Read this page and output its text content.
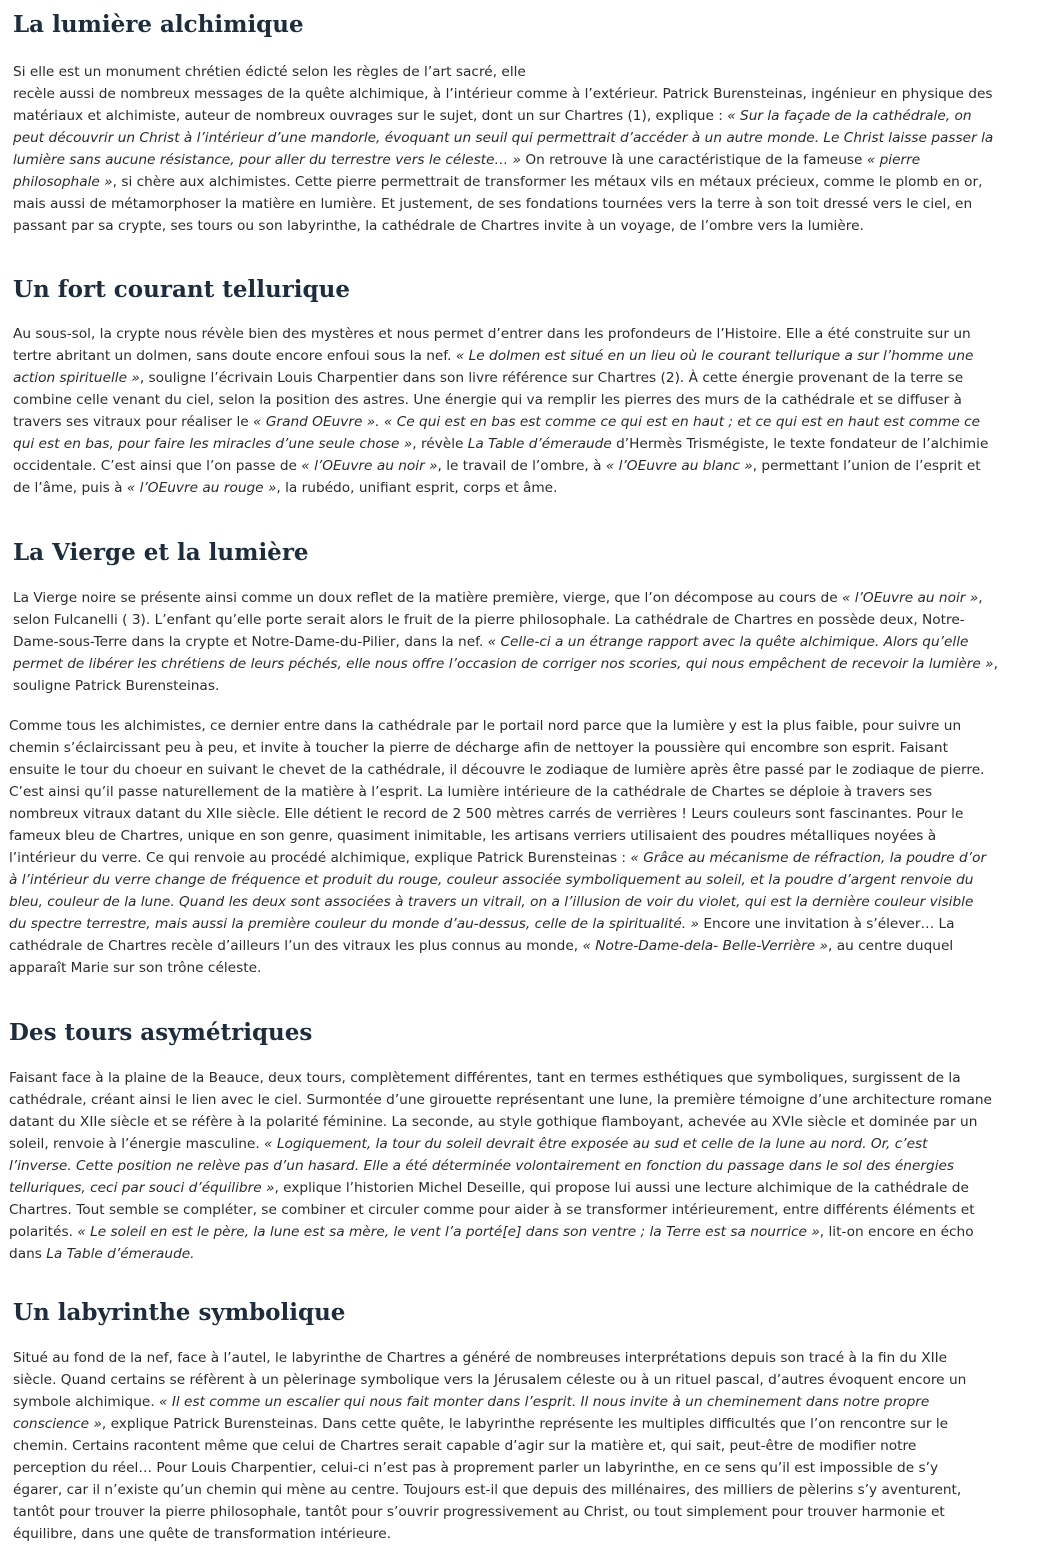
La lumière alchimique

Si elle est un monument chrétien édicté selon les règles de l’art sacré, elle
recèle aussi de nombreux messages de la quête alchimique, à l’intérieur comme à l’extérieur. Patrick Burensteinas, ingénieur en physique des matériaux et alchimiste, auteur de nombreux ouvrages sur le sujet, dont un sur Chartres (1), explique : « Sur la façade de la cathédrale, on peut découvrir un Christ à l’intérieur d’une mandorle, évoquant un seuil qui permettrait d’accéder à un autre monde. Le Christ laisse passer la lumière sans aucune résistance, pour aller du terrestre vers le céleste… » On retrouve là une caractéristique de la fameuse « pierre philosophale », si chère aux alchimistes. Cette pierre permettrait de transformer les métaux vils en métaux précieux, comme le plomb en or, mais aussi de métamorphoser la matière en lumière. Et justement, de ses fondations tournées vers la terre à son toit dressé vers le ciel, en passant par sa crypte, ses tours ou son labyrinthe, la cathédrale de Chartres invite à un voyage, de l’ombre vers la lumière.

Un fort courant tellurique

Au sous-sol, la crypte nous révèle bien des mystères et nous permet d’entrer dans les profondeurs de l’Histoire. Elle a été construite sur un tertre abritant un dolmen, sans doute encore enfoui sous la nef. « Le dolmen est situé en un lieu où le courant tellurique a sur l’homme une action spirituelle », souligne l’écrivain Louis Charpentier dans son livre référence sur Chartres (2). À cette énergie provenant de la terre se combine celle venant du ciel, selon la position des astres. Une énergie qui va remplir les pierres des murs de la cathédrale et se diffuser à travers ses vitraux pour réaliser le « Grand OEuvre ». « Ce qui est en bas est comme ce qui est en haut ; et ce qui est en haut est comme ce qui est en bas, pour faire les miracles d’une seule chose », révèle La Table d’émeraude d’Hermès Trismégiste, le texte fondateur de l’alchimie occidentale. C’est ainsi que l’on passe de « l’OEuvre au noir », le travail de l’ombre, à « l’OEuvre au blanc », permettant l’union de l’esprit et de l’âme, puis à « l’OEuvre au rouge », la rubédo, unifiant esprit, corps et âme.

La Vierge et la lumière

La Vierge noire se présente ainsi comme un doux reflet de la matière première, vierge, que l’on décompose au cours de « l’OEuvre au noir », selon Fulcanelli ( 3). L’enfant qu’elle porte serait alors le fruit de la pierre philosophale. La cathédrale de Chartres en possède deux, Notre-Dame-sous-Terre dans la crypte et Notre-Dame-du-Pilier, dans la nef. « Celle-ci a un étrange rapport avec la quête alchimique. Alors qu’elle permet de libérer les chrétiens de leurs péchés, elle nous offre l’occasion de corriger nos scories, qui nous empêchent de recevoir la lumière », souligne Patrick Burensteinas.

Comme tous les alchimistes, ce dernier entre dans la cathédrale par le portail nord parce que la lumière y est la plus faible, pour suivre un chemin s’éclaircissant peu à peu, et invite à toucher la pierre de décharge afin de nettoyer la poussière qui encombre son esprit. Faisant ensuite le tour du choeur en suivant le chevet de la cathédrale, il découvre le zodiaque de lumière après être passé par le zodiaque de pierre. C’est ainsi qu’il passe naturellement de la matière à l’esprit. La lumière intérieure de la cathédrale de Chartes se déploie à travers ses nombreux vitraux datant du XIIe siècle. Elle détient le record de 2 500 mètres carrés de verrières ! Leurs couleurs sont fascinantes. Pour le fameux bleu de Chartres, unique en son genre, quasiment inimitable, les artisans verriers utilisaient des poudres métalliques noyées à l’intérieur du verre. Ce qui renvoie au procédé alchimique, explique Patrick Burensteinas : « Grâce au mécanisme de réfraction, la poudre d’or à l’intérieur du verre change de fréquence et produit du rouge, couleur associée symboliquement au soleil, et la poudre d’argent renvoie du bleu, couleur de la lune. Quand les deux sont associées à travers un vitrail, on a l’illusion de voir du violet, qui est la dernière couleur visible du spectre terrestre, mais aussi la première couleur du monde d’au-dessus, celle de la spiritualité. » Encore une invitation à s’élever… La cathédrale de Chartres recèle d’ailleurs l’un des vitraux les plus connus au monde, « Notre-Dame-dela- Belle-Verrière », au centre duquel apparaît Marie sur son trône céleste.

Des tours asymétriques

Faisant face à la plaine de la Beauce, deux tours, complètement différentes, tant en termes esthétiques que symboliques, surgissent de la cathédrale, créant ainsi le lien avec le ciel. Surmontée d’une girouette représentant une lune, la première témoigne d’une architecture romane datant du XIIe siècle et se réfère à la polarité féminine. La seconde, au style gothique flamboyant, achevée au XVIe siècle et dominée par un soleil, renvoie à l’énergie masculine. « Logiquement, la tour du soleil devrait être exposée au sud et celle de la lune au nord. Or, c’est l’inverse. Cette position ne relève pas d’un hasard. Elle a été déterminée volontairement en fonction du passage dans le sol des énergies telluriques, ceci par souci d’équilibre », explique l’historien Michel Deseille, qui propose lui aussi une lecture alchimique de la cathédrale de Chartres. Tout semble se compléter, se combiner et circuler comme pour aider à se transformer intérieurement, entre différents éléments et polarités. « Le soleil en est le père, la lune est sa mère, le vent l’a porté[e] dans son ventre ; la Terre est sa nourrice », lit-on encore en écho dans La Table d’émeraude.

Un labyrinthe symbolique

Situé au fond de la nef, face à l’autel, le labyrinthe de Chartres a généré de nombreuses interprétations depuis son tracé à la fin du XIIe siècle. Quand certains se réfèrent à un pèlerinage symbolique vers la Jérusalem céleste ou à un rituel pascal, d’autres évoquent encore un symbole alchimique. « Il est comme un escalier qui nous fait monter dans l’esprit. Il nous invite à un cheminement dans notre propre conscience », explique Patrick Burensteinas. Dans cette quête, le labyrinthe représente les multiples difficultés que l’on rencontre sur le chemin. Certains racontent même que celui de Chartres serait capable d’agir sur la matière et, qui sait, peut-être de modifier notre perception du réel… Pour Louis Charpentier, celui-ci n’est pas à proprement parler un labyrinthe, en ce sens qu’il est impossible de s’y égarer, car il n’existe qu’un chemin qui mène au centre. Toujours est-il que depuis des millénaires, des milliers de pèlerins s’y aventurent, tantôt pour trouver la pierre philosophale, tantôt pour s’ouvrir progressivement au Christ, ou tout simplement pour trouver harmonie et équilibre, dans une quête de transformation intérieure.
